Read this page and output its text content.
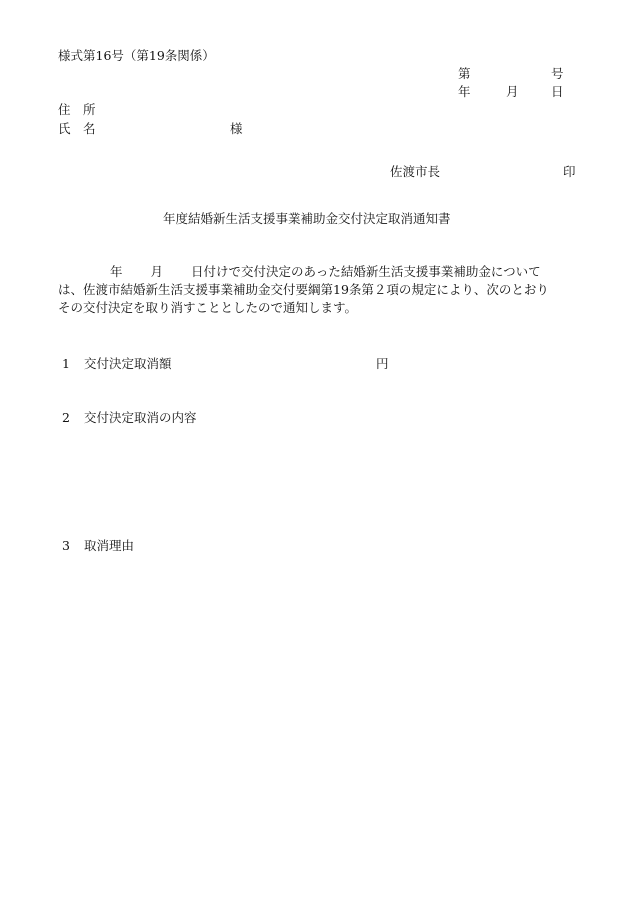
様式第16号（第19条関係）
第	号
年	月	日
住　所
氏　名	様
佐渡市長	印
年度結婚新生活支援事業補助金交付決定取消通知書
年 月 日付けで交付決定のあった結婚新生活支援事業補助金について
は、佐渡市結婚新生活支援事業補助金交付要綱第19条第２項の規定により、次のとおり
その交付決定を取り消すこととしたので通知します。
1 交付決定取消額	円
2 交付決定取消の内容
3 取消理由
